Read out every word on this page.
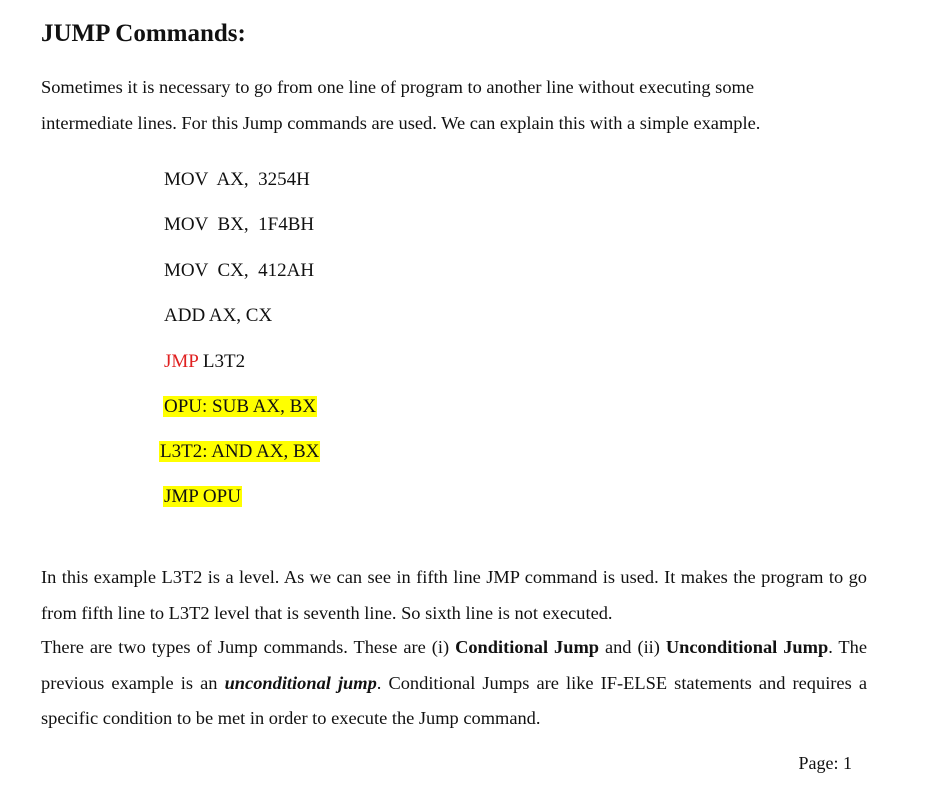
JUMP Commands:

Sometimes it is necessary to go from one line of program to another line without executing some
intermediate lines. For this Jump commands are used. We can explain this with a simple example.

MOV  AX,  3254H
MOV  BX,  1F4BH
MOV  CX,  412AH
ADD AX, CX
JMP L3T2
OPU: SUB AX, BX
L3T2: AND AX, BX
JMP OPU

In this example L3T2 is a level. As we can see in fifth line JMP command is used. It makes the program to go from fifth line to L3T2 level that is seventh line. So sixth line is not executed.

There are two types of Jump commands. These are (i) Conditional Jump and (ii) Unconditional Jump. The previous example is an unconditional jump. Conditional Jumps are like IF-ELSE statements and requires a specific condition to be met in order to execute the Jump command.

Page: 1
